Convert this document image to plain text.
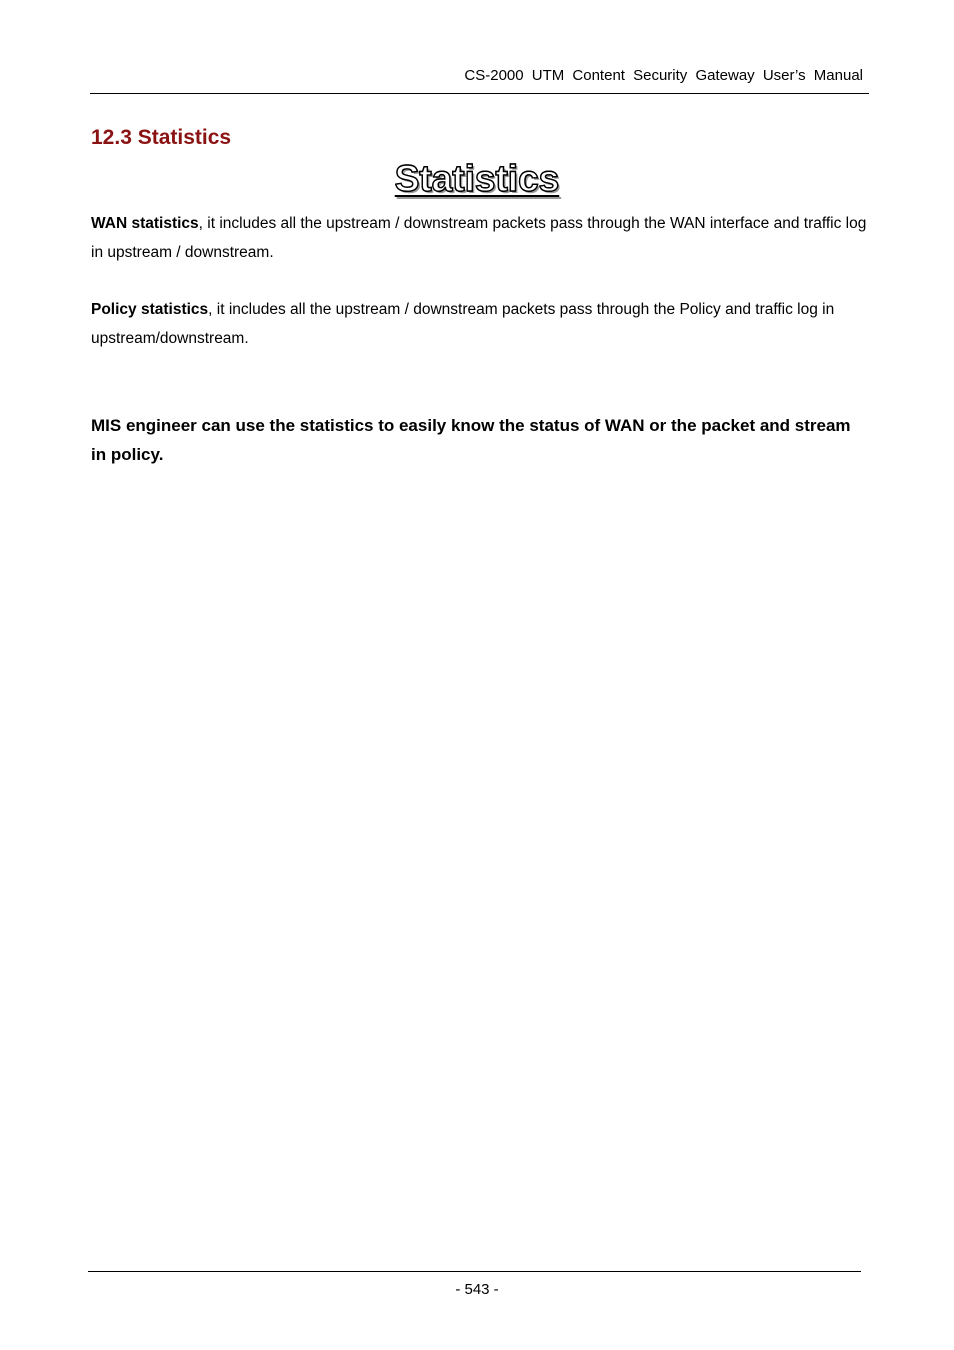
CS-2000 UTM Content Security Gateway User’s Manual
12.3 Statistics
Statistics

WAN statistics, it includes all the upstream / downstream packets pass through the WAN interface and traffic log in upstream / downstream.

Policy statistics, it includes all the upstream / downstream packets pass through the Policy and traffic log in upstream/downstream.

MIS engineer can use the statistics to easily know the status of WAN or the packet and stream in policy.

- 543 -
